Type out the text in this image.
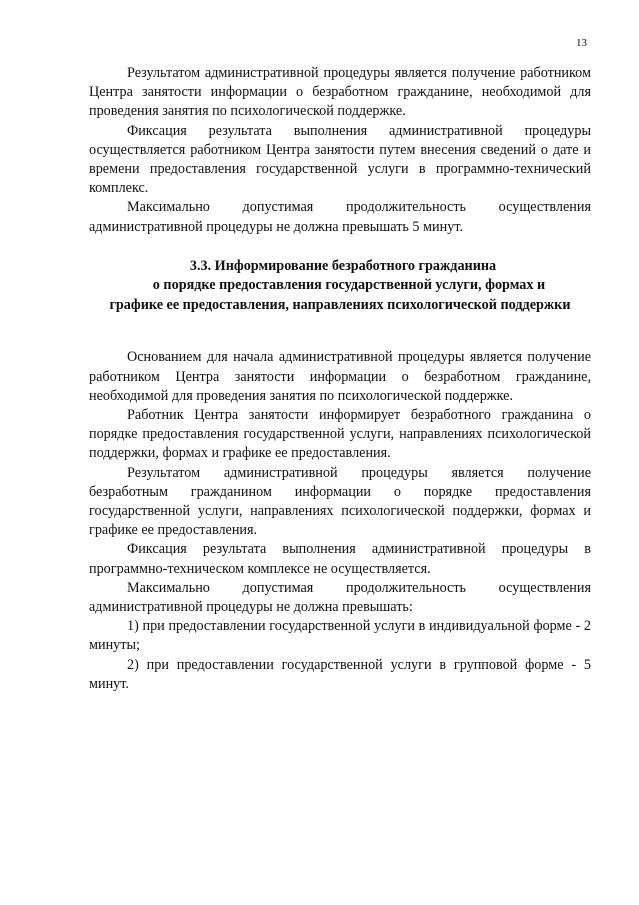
13

Результатом административной процедуры является получение работником Центра занятости информации о безработном гражданине, необходимой для проведения занятия по психологической поддержке.

Фиксация результата выполнения административной процедуры осуществляется работником Центра занятости путем внесения сведений о дате и времени предоставления государственной услуги в программно-технический комплекс.

Максимально допустимая продолжительность осуществления административной процедуры не должна превышать 5 минут.

3.3. Информирование безработного гражданина
о порядке предоставления государственной услуги, формах и
графике ее предоставления, направлениях психологической поддержки

Основанием для начала административной процедуры является получение работником Центра занятости информации о безработном гражданине, необходимой для проведения занятия по психологической поддержке.

Работник Центра занятости информирует безработного гражданина о порядке предоставления государственной услуги, направлениях психологической поддержки, формах и графике ее предоставления.

Результатом административной процедуры является получение безработным гражданином информации о порядке предоставления государственной услуги, направлениях психологической поддержки, формах и графике ее предоставления.

Фиксация результата выполнения административной процедуры в программно-техническом комплексе не осуществляется.

Максимально допустимая продолжительность осуществления административной процедуры не должна превышать:

1) при предоставлении государственной услуги в индивидуальной форме - 2 минуты;

2) при предоставлении государственной услуги в групповой форме - 5 минут.
